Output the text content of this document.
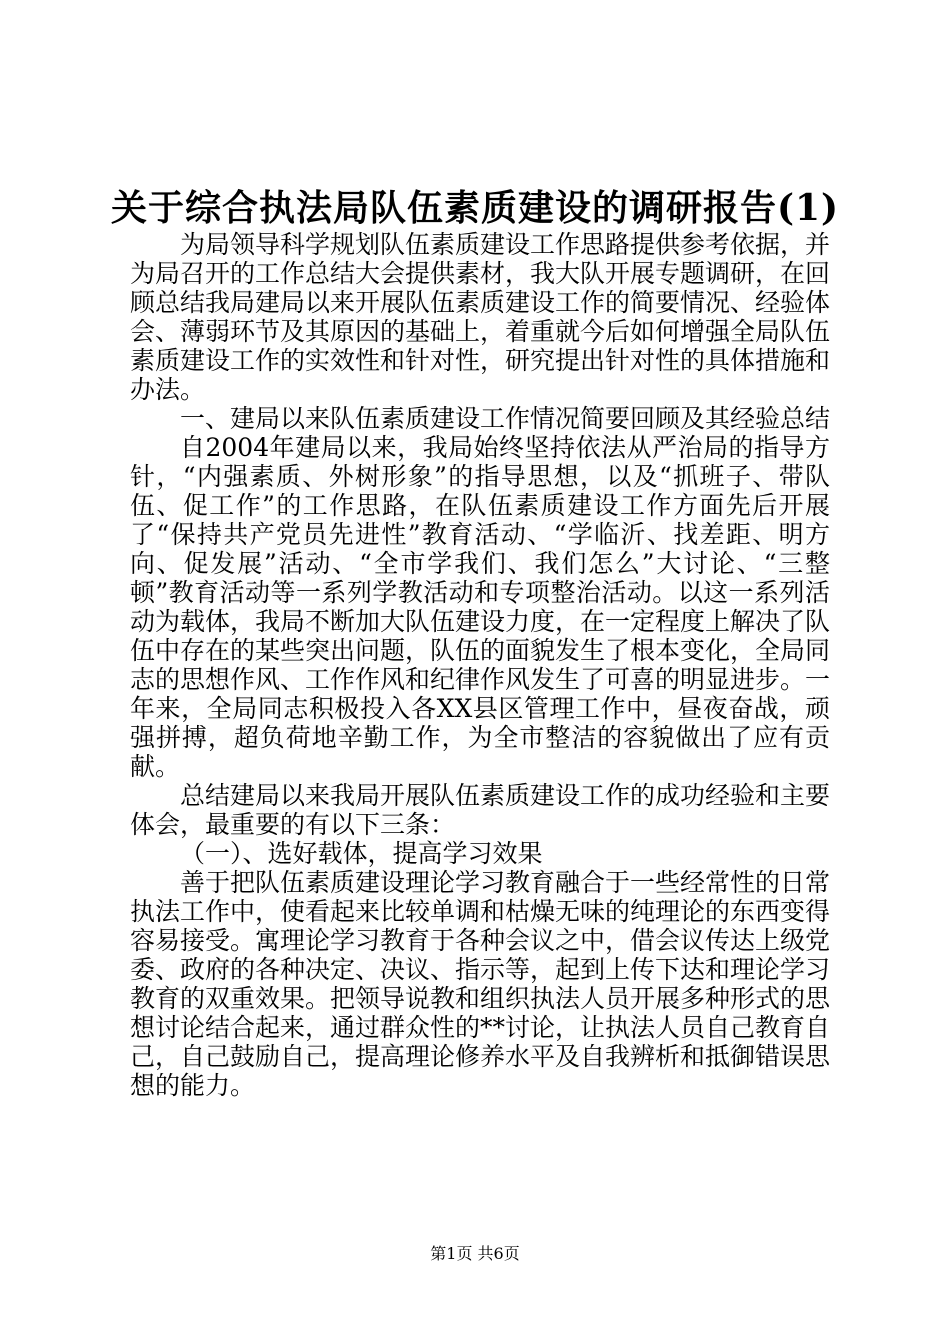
关于综合执法局队伍素质建设的调研报告(1)

为局领导科学规划队伍素质建设工作思路提供参考依据，并为局召开的工作总结大会提供素材，我大队开展专题调研，在回顾总结我局建局以来开展队伍素质建设工作的简要情况、经验体会、薄弱环节及其原因的基础上，着重就今后如何增强全局队伍素质建设工作的实效性和针对性，研究提出针对性的具体措施和办法。

一、建局以来队伍素质建设工作情况简要回顾及其经验总结

自2004年建局以来，我局始终坚持依法从严治局的指导方针，“内强素质、外树形象”的指导思想，以及“抓班子、带队伍、促工作”的工作思路，在队伍素质建设工作方面先后开展了“保持共产党员先进性”教育活动、“学临沂、找差距、明方向、促发展”活动、“全市学我们、我们怎么”大讨论、“三整顿”教育活动等一系列学教活动和专项整治活动。以这一系列活动为载体，我局不断加大队伍建设力度，在一定程度上解决了队伍中存在的某些突出问题，队伍的面貌发生了根本变化，全局同志的思想作风、工作作风和纪律作风发生了可喜的明显进步。一年来，全局同志积极投入各XX县区管理工作中，昼夜奋战，顽强拼搏，超负荷地辛勤工作，为全市整洁的容貌做出了应有贡献。

总结建局以来我局开展队伍素质建设工作的成功经验和主要体会，最重要的有以下三条：

（一）、选好载体，提高学习效果

善于把队伍素质建设理论学习教育融合于一些经常性的日常执法工作中，使看起来比较单调和枯燥无味的纯理论的东西变得容易接受。寓理论学习教育于各种会议之中，借会议传达上级党委、政府的各种决定、决议、指示等，起到上传下达和理论学习教育的双重效果。把领导说教和组织执法人员开展多种形式的思想讨论结合起来，通过群众性的**讨论，让执法人员自己教育自己，自己鼓励自己，提高理论修养水平及自我辨析和抵御错误思想的能力。

第1页 共6页
